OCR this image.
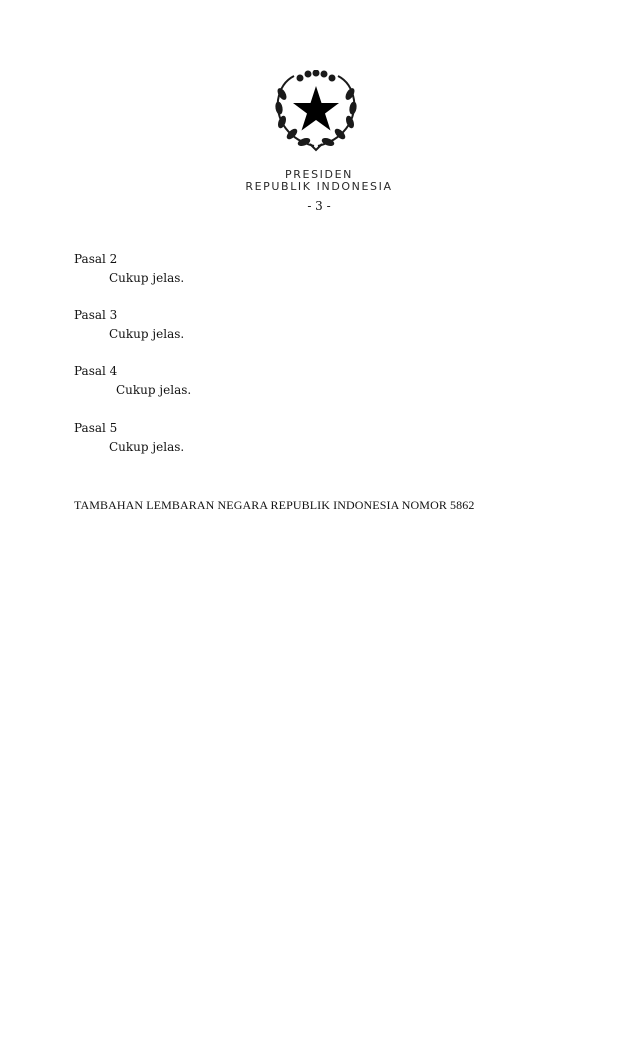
PRESIDEN
REPUBLIK INDONESIA
- 3 -
Pasal 2
Cukup jelas.
Pasal 3
Cukup jelas.
Pasal 4
Cukup jelas.
Pasal 5
Cukup jelas.
TAMBAHAN LEMBARAN NEGARA REPUBLIK INDONESIA NOMOR 5862
